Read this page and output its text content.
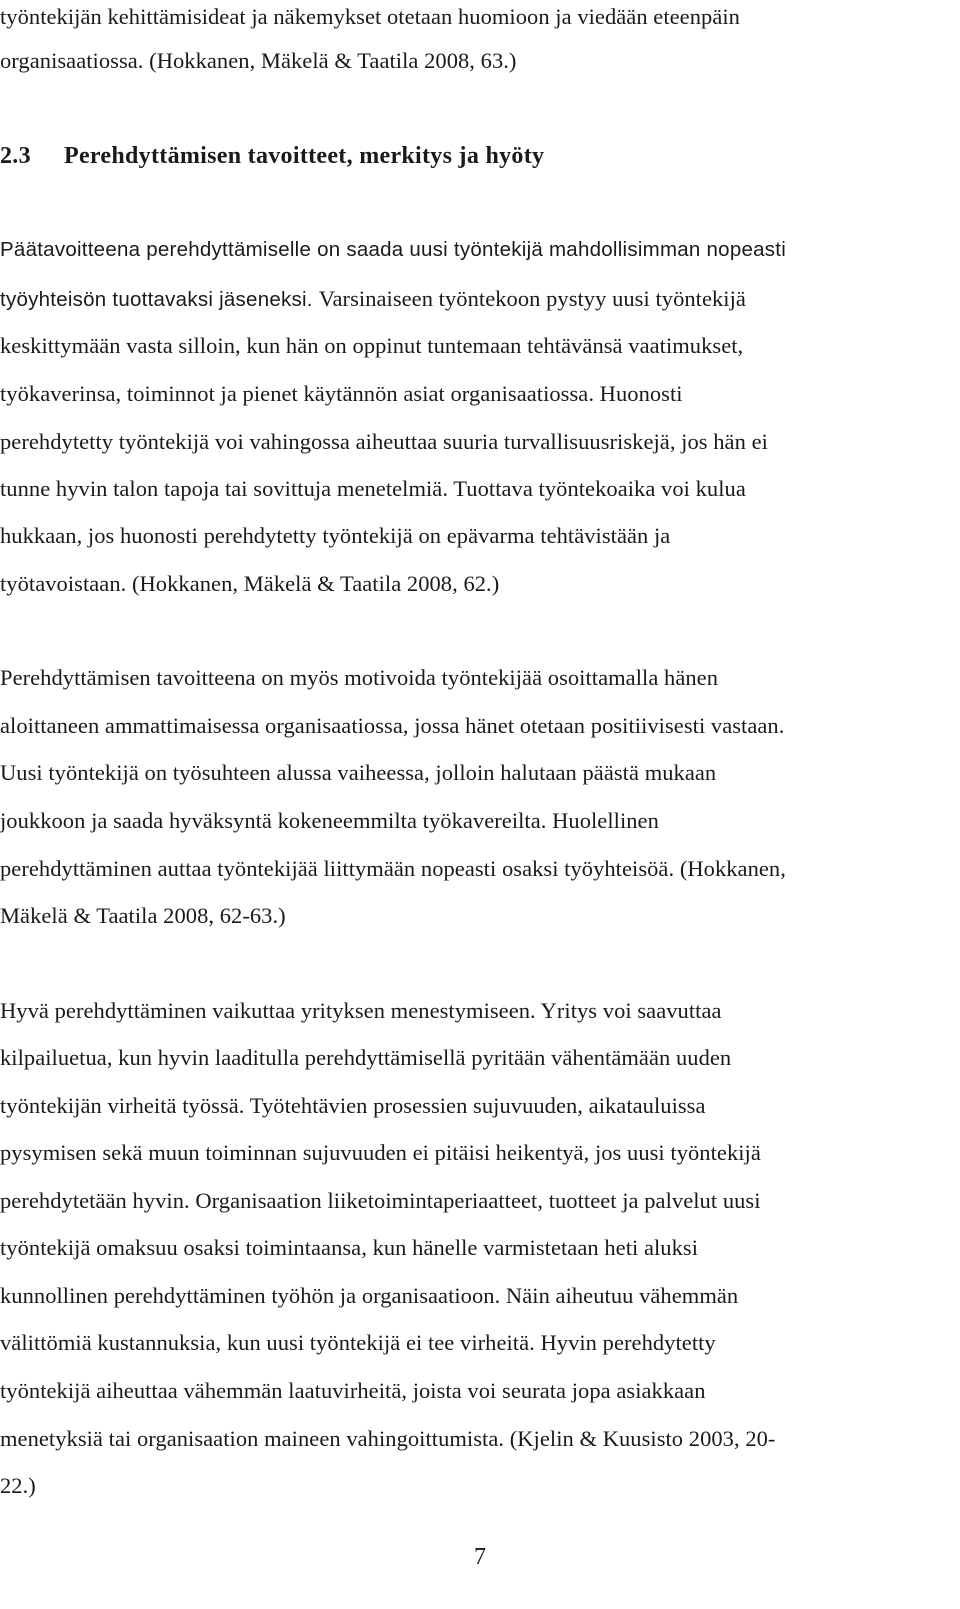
työntekijän kehittämisideat ja näkemykset otetaan huomioon ja viedään eteenpäin
organisaatiossa. (Hokkanen, Mäkelä & Taatila 2008, 63.)
2.3 Perehdyttämisen tavoitteet, merkitys ja hyöty
Päätavoitteena perehdyttämiselle on saada uusi työntekijä mahdollisimman nopeasti
työyhteisön tuottavaksi jäseneksi. Varsinaiseen työntekoon pystyy uusi työntekijä
keskittymään vasta silloin, kun hän on oppinut tuntemaan tehtävänsä vaatimukset,
työkaverinsa, toiminnot ja pienet käytännön asiat organisaatiossa. Huonosti
perehdytetty työntekijä voi vahingossa aiheuttaa suuria turvallisuusriskejä, jos hän ei
tunne hyvin talon tapoja tai sovittuja menetelmiä. Tuottava työntekoaika voi kulua
hukkaan, jos huonosti perehdytetty työntekijä on epävarma tehtävistään ja
työtavoistaan. (Hokkanen, Mäkelä & Taatila 2008, 62.)
Perehdyttämisen tavoitteena on myös motivoida työntekijää osoittamalla hänen
aloittaneen ammattimaisessa organisaatiossa, jossa hänet otetaan positiivisesti vastaan.
Uusi työntekijä on työsuhteen alussa vaiheessa, jolloin halutaan päästä mukaan
joukkoon ja saada hyväksyntä kokeneemmilta työkavereilta. Huolellinen
perehdyttäminen auttaa työntekijää liittymään nopeasti osaksi työyhteisöä. (Hokkanen,
Mäkelä & Taatila 2008, 62-63.)
Hyvä perehdyttäminen vaikuttaa yrityksen menestymiseen. Yritys voi saavuttaa
kilpailuetua, kun hyvin laaditulla perehdyttämisellä pyritään vähentämään uuden
työntekijän virheitä työssä. Työtehtävien prosessien sujuvuuden, aikatauluissa
pysymisen sekä muun toiminnan sujuvuuden ei pitäisi heikentyä, jos uusi työntekijä
perehdytetään hyvin. Organisaation liiketoimintaperiaatteet, tuotteet ja palvelut uusi
työntekijä omaksuu osaksi toimintaansa, kun hänelle varmistetaan heti aluksi
kunnollinen perehdyttäminen työhön ja organisaatioon. Näin aiheutuu vähemmän
välittömiä kustannuksia, kun uusi työntekijä ei tee virheitä. Hyvin perehdytetty
työntekijä aiheuttaa vähemmän laatuvirheitä, joista voi seurata jopa asiakkaan
menetyksiä tai organisaation maineen vahingoittumista. (Kjelin & Kuusisto 2003, 20-
22.)
7
